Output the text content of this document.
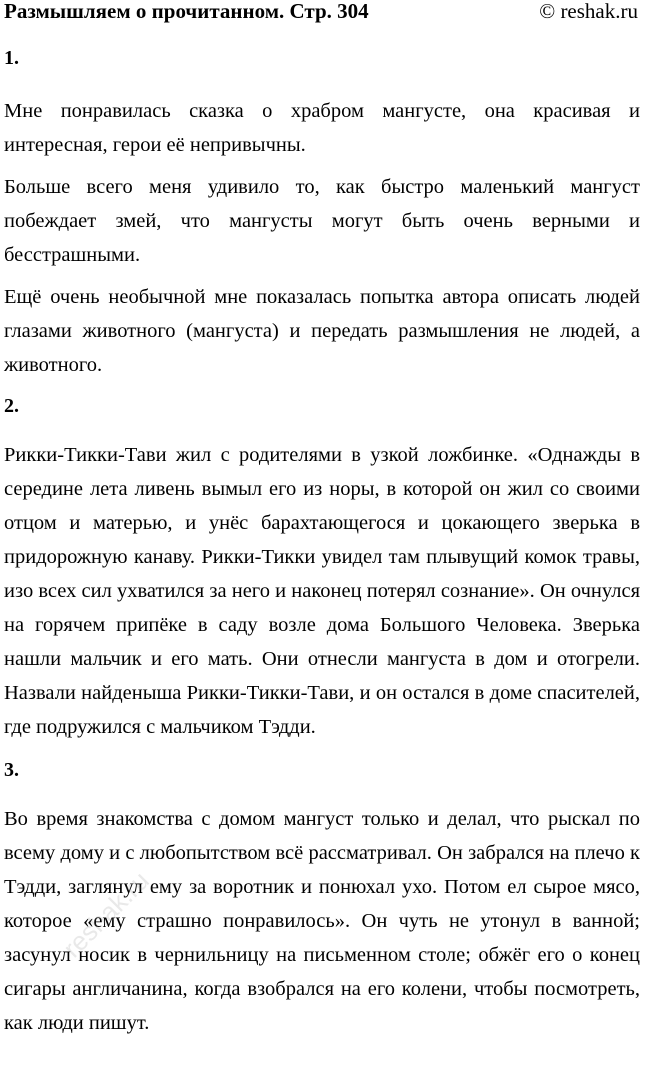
Размышляем о прочитанном. Стр. 304	© reshak.ru
1.

Мне понравилась сказка о храбром мангусте, она красивая и интересная, герои её непривычны.

Больше всего меня удивило то, как быстро маленький мангуст побеждает змей, что мангусты могут быть очень верными и бесстрашными.

Ещё очень необычной мне показалась попытка автора описать людей глазами животного (мангуста) и передать размышления не людей, а животного.

2.

Рикки-Тикки-Тави жил с родителями в узкой ложбинке. «Однажды в середине лета ливень вымыл его из норы, в которой он жил со своими отцом и матерью, и унёс барахтающегося и цокающего зверька в придорожную канаву. Рикки-Тикки увидел там плывущий комок травы, изо всех сил ухватился за него и наконец потерял сознание». Он очнулся на горячем припёке в саду возле дома Большого Человека. Зверька нашли мальчик и его мать. Они отнесли мангуста в дом и отогрели. Назвали найденыша Рикки-Тикки-Тави, и он остался в доме спасителей, где подружился с мальчиком Тэдди.

3.

Во время знакомства с домом мангуст только и делал, что рыскал по всему дому и с любопытством всё рассматривал. Он забрался на плечо к Тэдди, заглянул ему за воротник и понюхал ухо. Потом ел сырое мясо, которое «ему страшно понравилось». Он чуть не утонул в ванной; засунул носик в чернильницу на письменном столе; обжёг его о конец сигары англичанина, когда взобрался на его колени, чтобы посмотреть, как люди пишут.

reshak.ru
